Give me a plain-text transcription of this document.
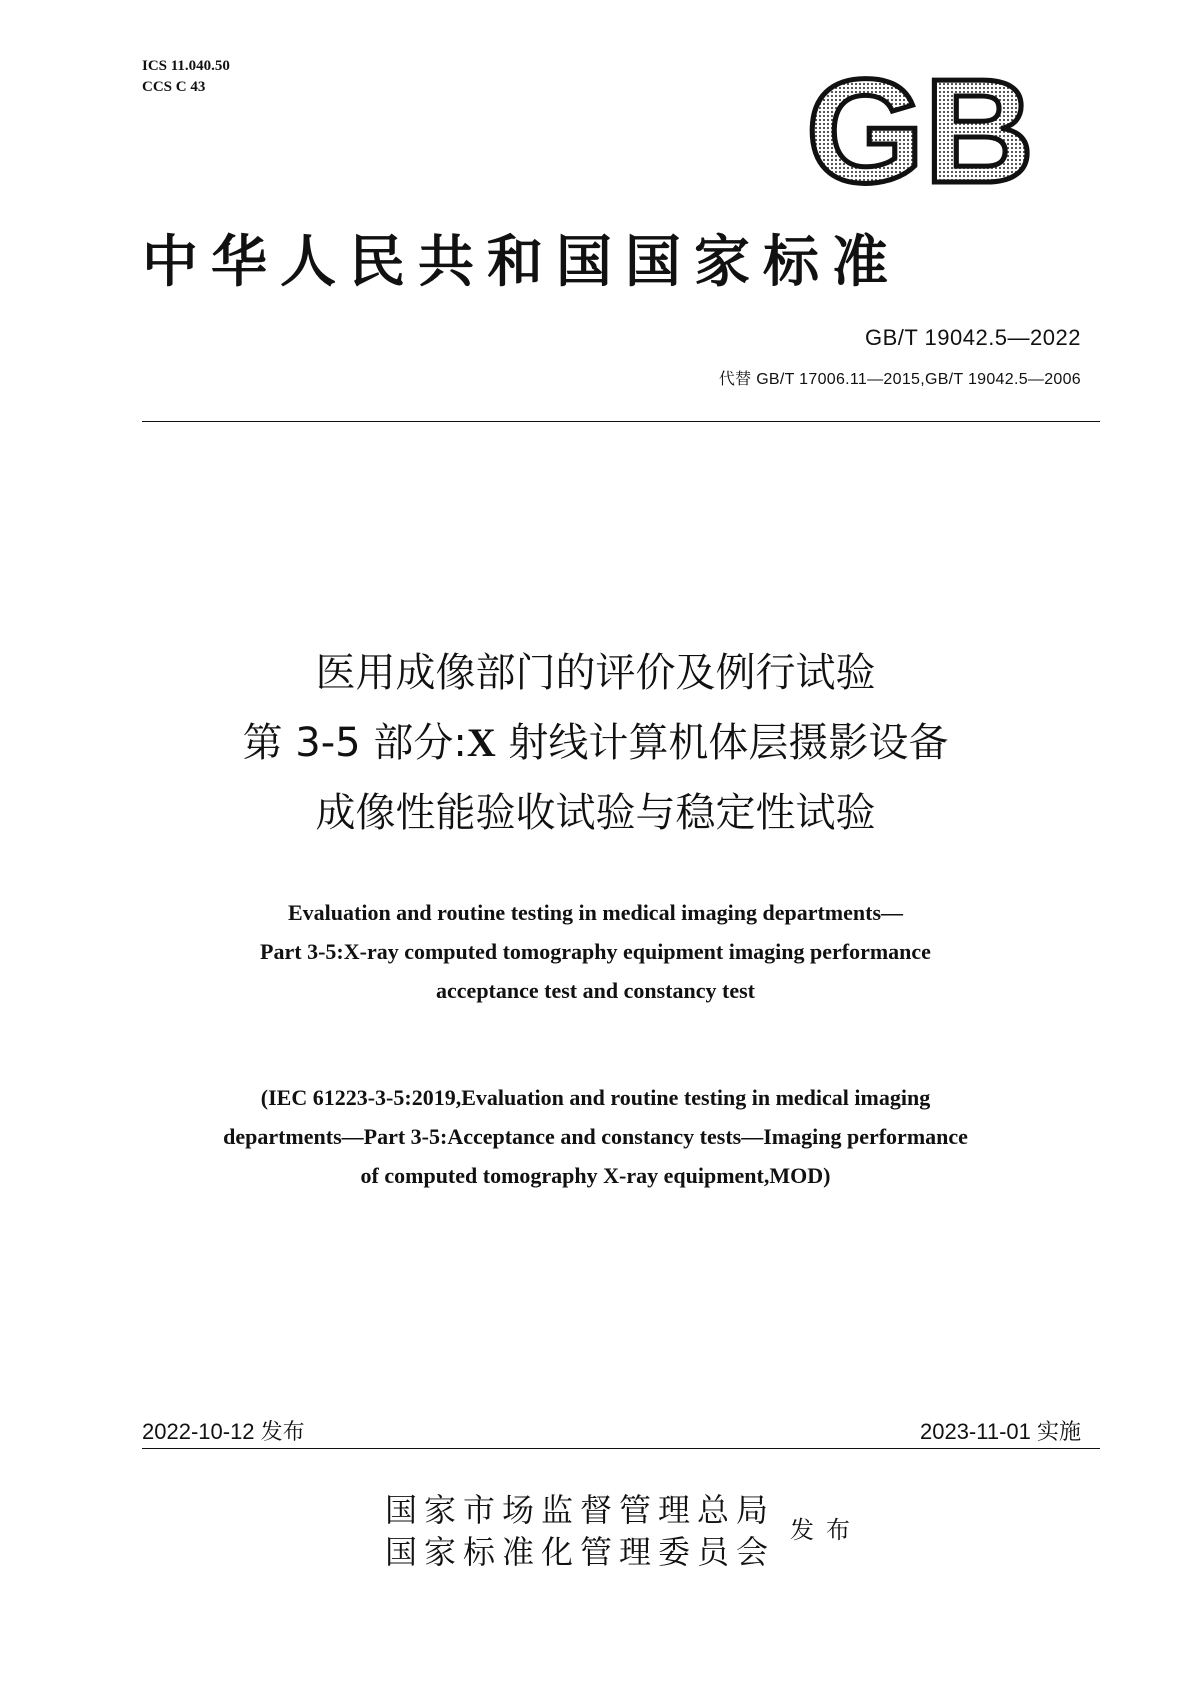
ICS 11.040.50
CCS C 43	GB
中华人民共和国国家标准
GB/T 19042.5—2022
代替 GB/T 17006.11—2015,GB/T 19042.5—2006
医用成像部门的评价及例行试验
第 3-5 部分:X 射线计算机体层摄影设备
成像性能验收试验与稳定性试验
Evaluation and routine testing in medical imaging departments—
Part 3-5:X-ray computed tomography equipment imaging performance
acceptance test and constancy test
(IEC 61223-3-5:2019,Evaluation and routine testing in medical imaging
departments—Part 3-5:Acceptance and constancy tests—Imaging performance
of computed tomography X-ray equipment,MOD)
2022-10-12 发布	2023-11-01 实施
国家市场监督管理总局
国家标准化管理委员会
发布
